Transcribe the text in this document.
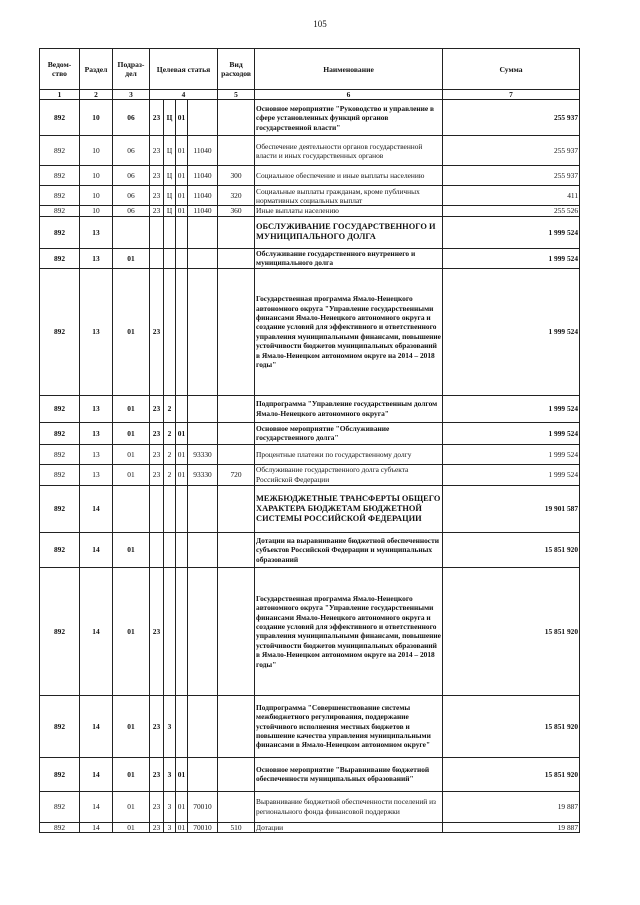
105
Ведом-ство	Раздел	Подраз-дел	Целевая статья				Вид расходов	Наименование	Сумма
1	2	3	4				5	6	7
892	10	06	23	Ц	01			Основное мероприятие "Руководство и управление в сфере установленных функций органов государственной власти"	255 937
892	10	06	23	Ц	01	11040		Обеспечение деятельности органов государственной власти и иных государственных органов	255 937
892	10	06	23	Ц	01	11040	300	Социальное обеспечение и иные выплаты населению	255 937
892	10	06	23	Ц	01	11040	320	Социальные выплаты гражданам, кроме публичных нормативных социальных выплат	411
892	10	06	23	Ц	01	11040	360	Иные выплаты населению	255 526
892	13							ОБСЛУЖИВАНИЕ ГОСУДАРСТВЕННОГО И МУНИЦИПАЛЬНОГО ДОЛГА	1 999 524
892	13	01						Обслуживание государственного внутреннего и муниципального долга	1 999 524
892	13	01	23					Государственная программа Ямало-Ненецкого автономного округа "Управление государственными финансами Ямало-Ненецкого автономного округа и создание условий для эффективного и ответственного управления муниципальными финансами, повышение устойчивости бюджетов муниципальных образований в Ямало-Ненецком автономном округе на 2014 – 2018 годы"	1 999 524
892	13	01	23	2				Подпрограмма "Управление государственным долгом Ямало-Ненецкого автономного округа"	1 999 524
892	13	01	23	2	01			Основное мероприятие "Обслуживание государственного долга"	1 999 524
892	13	01	23	2	01	93330		Процентные платежи по государственному долгу	1 999 524
892	13	01	23	2	01	93330	720	Обслуживание государственного долга субъекта Российской Федерации	1 999 524
892	14							МЕЖБЮДЖЕТНЫЕ ТРАНСФЕРТЫ ОБЩЕГО ХАРАКТЕРА БЮДЖЕТАМ БЮДЖЕТНОЙ СИСТЕМЫ РОССИЙСКОЙ ФЕДЕРАЦИИ	19 901 587
892	14	01						Дотации на выравнивание бюджетной обеспеченности субъектов Российской Федерации и муниципальных образований	15 851 920
892	14	01	23					Государственная программа Ямало-Ненецкого автономного округа "Управление государственными финансами Ямало-Ненецкого автономного округа и создание условий для эффективного и ответственного управления муниципальными финансами, повышение устойчивости бюджетов муниципальных образований в Ямало-Ненецком автономном округе на 2014 – 2018 годы"	15 851 920
892	14	01	23	3				Подпрограмма "Совершенствование системы межбюджетного регулирования, поддержание устойчивого исполнения местных бюджетов и повышение качества управления муниципальными финансами в Ямало-Ненецком автономном округе"	15 851 920
892	14	01	23	3	01			Основное мероприятие "Выравнивание бюджетной обеспеченности муниципальных образований"	15 851 920
892	14	01	23	3	01	70010		Выравнивание бюджетной обеспеченности поселений из регионального фонда финансовой поддержки	19 887
892	14	01	23	3	01	70010	510	Дотации	19 887
